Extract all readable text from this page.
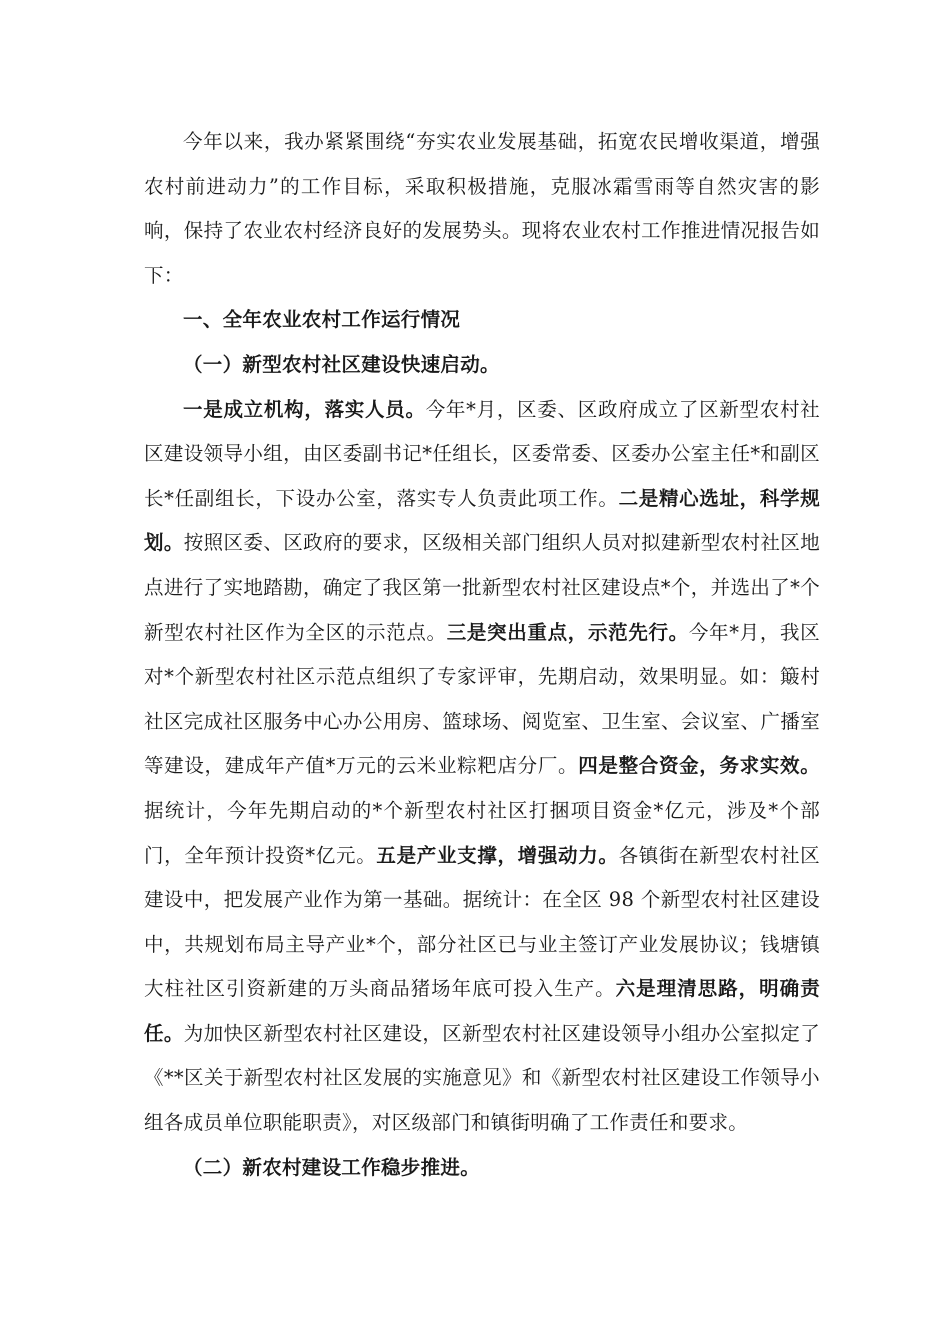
今年以来，我办紧紧围绕“夯实农业发展基础，拓宽农民增收渠道，增强农村前进动力”的工作目标，采取积极措施，克服冰霜雪雨等自然灾害的影响，保持了农业农村经济良好的发展势头。现将农业农村工作推进情况报告如下：

一、全年农业农村工作运行情况

（一）新型农村社区建设快速启动。

一是成立机构，落实人员。今年*月，区委、区政府成立了区新型农村社区建设领导小组，由区委副书记*任组长，区委常委、区委办公室主任*和副区长*任副组长，下设办公室，落实专人负责此项工作。二是精心选址，科学规划。按照区委、区政府的要求，区级相关部门组织人员对拟建新型农村社区地点进行了实地踏勘，确定了我区第一批新型农村社区建设点*个，并选出了*个新型农村社区作为全区的示范点。三是突出重点，示范先行。今年*月，我区对*个新型农村社区示范点组织了专家评审，先期启动，效果明显。如：簸村社区完成社区服务中心办公用房、篮球场、阅览室、卫生室、会议室、广播室等建设，建成年产值*万元的云米业粽粑店分厂。四是整合资金，务求实效。据统计，今年先期启动的*个新型农村社区打捆项目资金*亿元，涉及*个部门，全年预计投资*亿元。五是产业支撑，增强动力。各镇街在新型农村社区建设中，把发展产业作为第一基础。据统计：在全区 98 个新型农村社区建设中，共规划布局主导产业*个，部分社区已与业主签订产业发展协议；钱塘镇大柱社区引资新建的万头商品猪场年底可投入生产。六是理清思路，明确责任。为加快区新型农村社区建设，区新型农村社区建设领导小组办公室拟定了《**区关于新型农村社区发展的实施意见》和《新型农村社区建设工作领导小组各成员单位职能职责》，对区级部门和镇街明确了工作责任和要求。

（二）新农村建设工作稳步推进。
